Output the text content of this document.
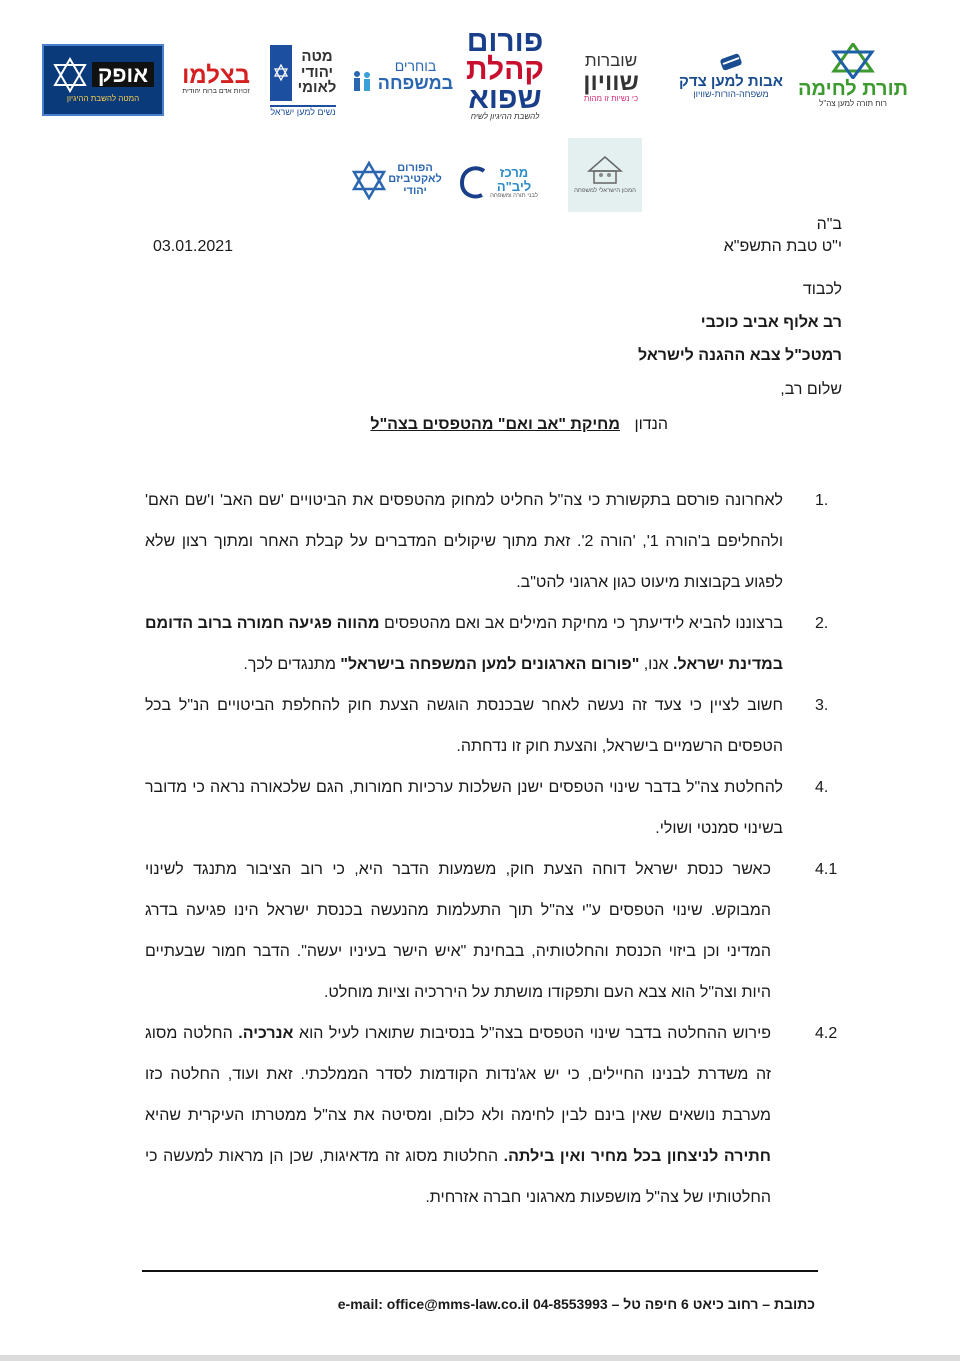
אופק
המטה להשבת ההיגיון
בצלמו
זכויות אדם ברוח יהודית
מטה
יהודי
לאומי
נשים למען ישראל
בוחרים
במשפחה
פורום
קהלת
שפוא
להשבת ההיגיון לשיח
שוברות
שוויון
כי נשיות זו מהות
אבות למען צדק
משפחה-הורות-שוויון תורת לחימה
רוח תורה למען צה"ל
הפורום
לאקטיביזם
יהודי
מרכז
ליב"ה
לבני תורה ומשפחה
המכון הישראלי למשפחה
ב"ה
י"ט טבת התשפ"א
03.01.2021
לכבוד
רב אלוף אביב כוכבי
רמטכ"ל צבא ההגנה לישראל
שלום רב,
הנדון מחיקת "אב ואם" מהטפסים בצה"ל
1.
לאחרונה פורסם בתקשורת כי צה"ל החליט למחוק מהטפסים את הביטויים 'שם האב' ו'שם האם' ולהחליפם ב'הורה 1', 'הורה 2'. זאת מתוך שיקולים המדברים על קבלת האחר ומתוך רצון שלא לפגוע בקבוצות מיעוט כגון ארגוני להט"ב.
2.
ברצוננו להביא לידיעתך כי מחיקת המילים אב ואם מהטפסים מהווה פגיעה חמורה ברוב הדומם במדינת ישראל. אנו, "פורום הארגונים למען המשפחה בישראל" מתנגדים לכך.
3.
חשוב לציין כי צעד זה נעשה לאחר שבכנסת הוגשה הצעת חוק להחלפת הביטויים הנ"ל בכל הטפסים הרשמיים בישראל, והצעת חוק זו נדחתה.
4.
להחלטת צה"ל בדבר שינוי הטפסים ישנן השלכות ערכיות חמורות, הגם שלכאורה נראה כי מדובר בשינוי סמנטי ושולי.
4.1
כאשר כנסת ישראל דוחה הצעת חוק, משמעות הדבר היא, כי רוב הציבור מתנגד לשינוי המבוקש. שינוי הטפסים ע"י צה"ל תוך התעלמות מהנעשה בכנסת ישראל הינו פגיעה בדרג המדיני וכן ביזוי הכנסת והחלטותיה, בבחינת "איש הישר בעיניו יעשה". הדבר חמור שבעתיים היות וצה"ל הוא צבא העם ותפקודו מושתת על היררכיה וציות מוחלט.
4.2
פירוש ההחלטה בדבר שינוי הטפסים בצה"ל בנסיבות שתוארו לעיל הוא אנרכיה. החלטה מסוג זה משדרת לבנינו החיילים, כי יש אג'נדות הקודמות לסדר הממלכתי. זאת ועוד, החלטה כזו מערבת נושאים שאין בינם לבין לחימה ולא כלום, ומסיטה את צה"ל ממטרתו העיקרית שהיא חתירה לניצחון בכל מחיר ואין בילתה. החלטות מסוג זה מדאיגות, שכן הן מראות למעשה כי החלטותיו של צה"ל מושפעות מארגוני חברה אזרחית.
כתובת – רחוב כיאט 6 חיפה טל – 04-8553993 e-mail: office@mms-law.co.il
